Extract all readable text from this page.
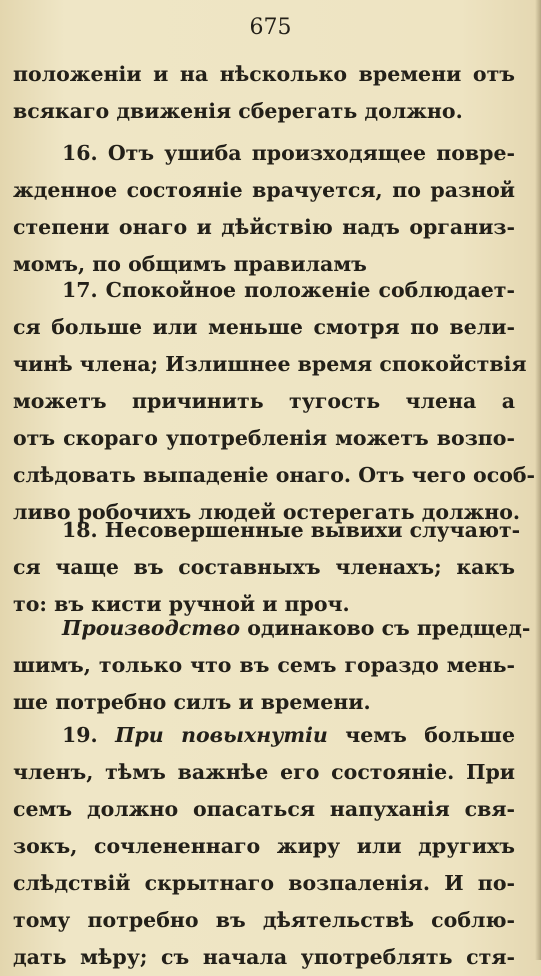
675
положеніи и на нѣсколько времени отъ
всякаго движенія сберегать должно.
16. Отъ ушиба произходящее повре-
жденное состояніе врачуется, по разной
степени онаго и дѣйствію надъ организ-
момъ, по общимъ правиламъ
17. Спокойное положеніе соблюдает-
ся больше или меньше смотря по вели-
чинѣ члена; Излишнее время спокойствія
можетъ причинить тугость члена а
отъ скораго употребленія можетъ возпо-
слѣдовать выпаденіе онаго. Отъ чего особ-
ливо робочихъ людей остерегать должно.
18. Несовершенные вывихи случают-
ся чаще въ составныхъ членахъ; какъ
то: въ кисти ручной и проч.
Производство одинаково съ предщед-
шимъ, только что въ семъ гораздо мень-
ше потребно силъ и времени.
19. При повыхнутіи чемъ больше
членъ, тѣмъ важнѣе его состояніе. При
семъ должно опасаться напуханія свя-
зокъ, сочлененнаго жиру или другихъ
слѣдствій скрытнаго возпаленія. И по-
тому потребно въ дѣятельствѣ соблю-
дать мѣру; съ начала употреблять стя-
